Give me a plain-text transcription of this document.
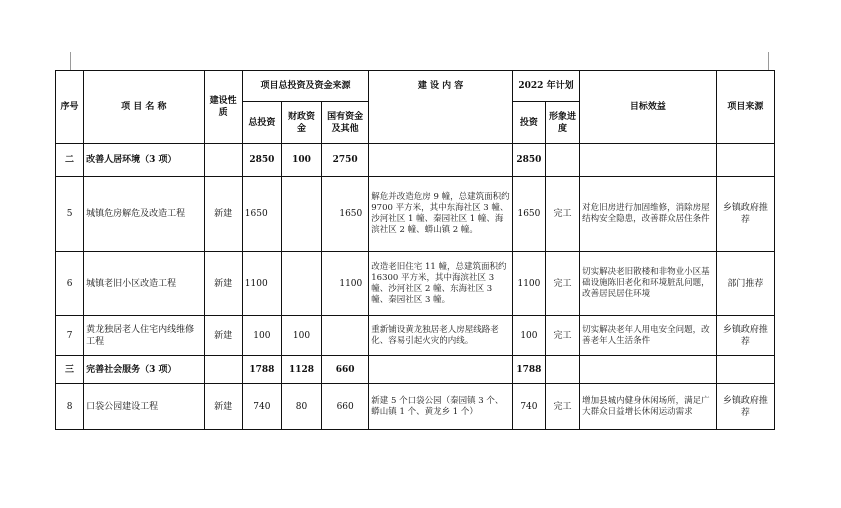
序号	项 目 名 称	建设性质	项目总投资及资金来源			建 设 内 容	2022 年计划		目标效益	项目来源
			总投资	财政资金	国有资金及其他		投资	形象进度		
二	改善人居环境（3 项）		2850	100	2750		2850			
5	城镇危房解危及改造工程	新建	1650		1650	解危并改造危房 9 幢，总建筑面积约 9700 平方米，其中东海社区 3 幢、沙河社区 1 幢、秦园社区 1 幢、海滨社区 2 幢、蟒山镇 2 幢。	1650	完工	对危旧房进行加固维修，消除房屋结构安全隐患，改善群众居住条件	乡镇政府推荐
6	城镇老旧小区改造工程	新建	1100		1100	改造老旧住宅 11 幢，总建筑面积约 16300 平方米，其中海滨社区 3 幢、沙河社区 2 幢、东海社区 3 幢、秦园社区 3 幢。	1100	完工	切实解决老旧散楼和非物业小区基础设施陈旧老化和环境脏乱问题，改善居民居住环境	部门推荐
7	黄龙独居老人住宅内线维修工程	新建	100	100		重新铺设黄龙独居老人房屋线路老化、容易引起火灾的内线。	100	完工	切实解决老年人用电安全问题，改善老年人生活条件	乡镇政府推荐
三	完善社会服务（3 项）		1788	1128	660		1788			
8	口袋公园建设工程	新建	740	80	660	新建 5 个口袋公园（秦园镇 3 个、蟒山镇 1 个、黄龙乡 1 个）	740	完工	增加县城内健身休闲场所，满足广大群众日益增长休闲运动需求	乡镇政府推荐
